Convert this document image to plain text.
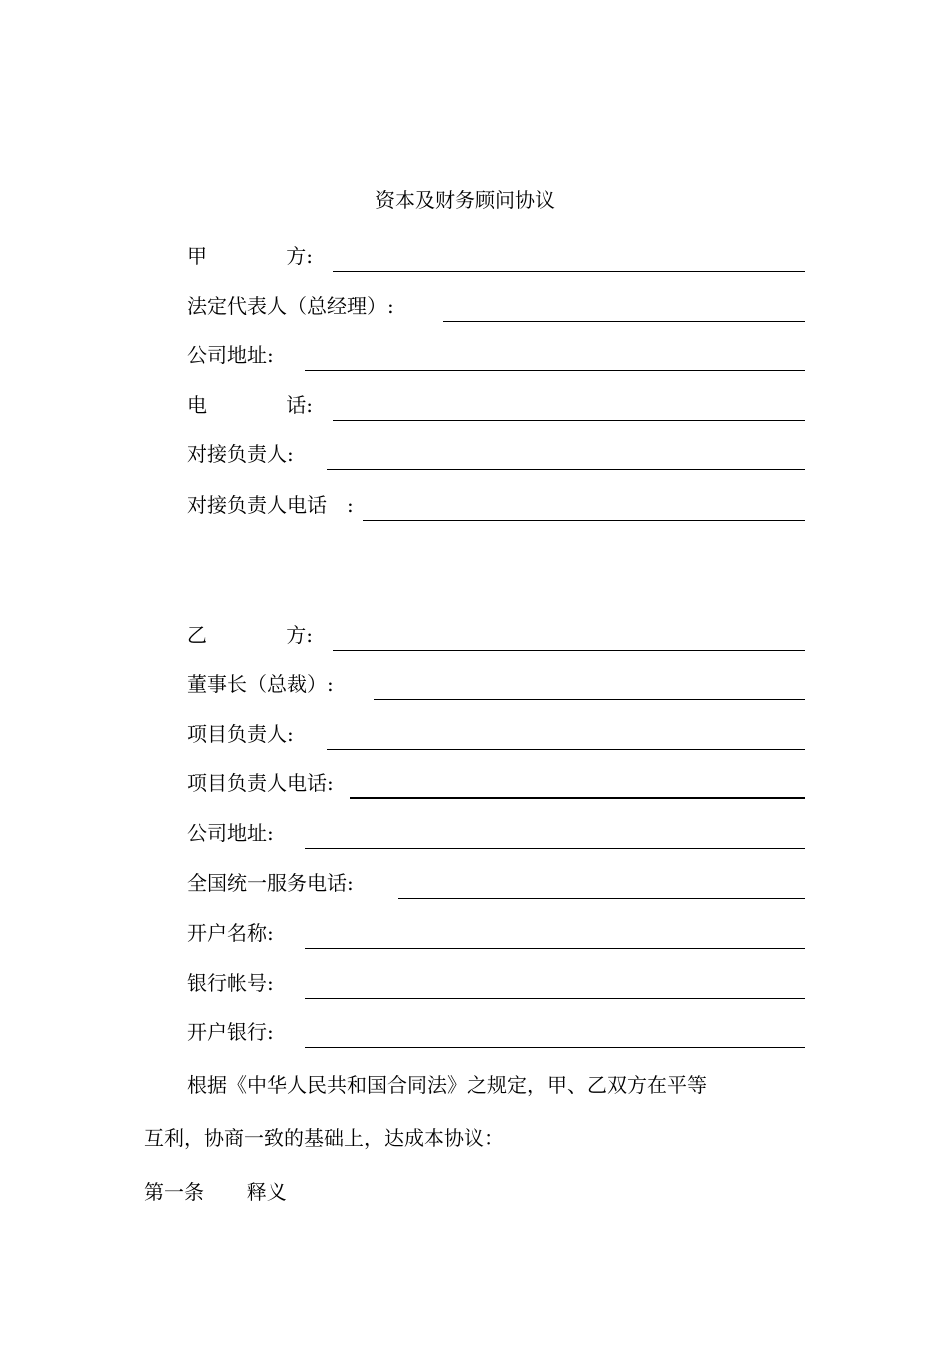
资本及财务顾问协议
甲	方:
法定代表人（总经理）:
公司地址:
电	话:
对接负责人:
对接负责人电话　:
乙	方:
董事长（总裁）:
项目负责人:
项目负责人电话:
公司地址:
全国统一服务电话:
开户名称:
银行帐号:
开户银行:
根据《中华人民共和国合同法》之规定，甲、乙双方在平等
互利，协商一致的基础上，达成本协议：
第一条 释义
